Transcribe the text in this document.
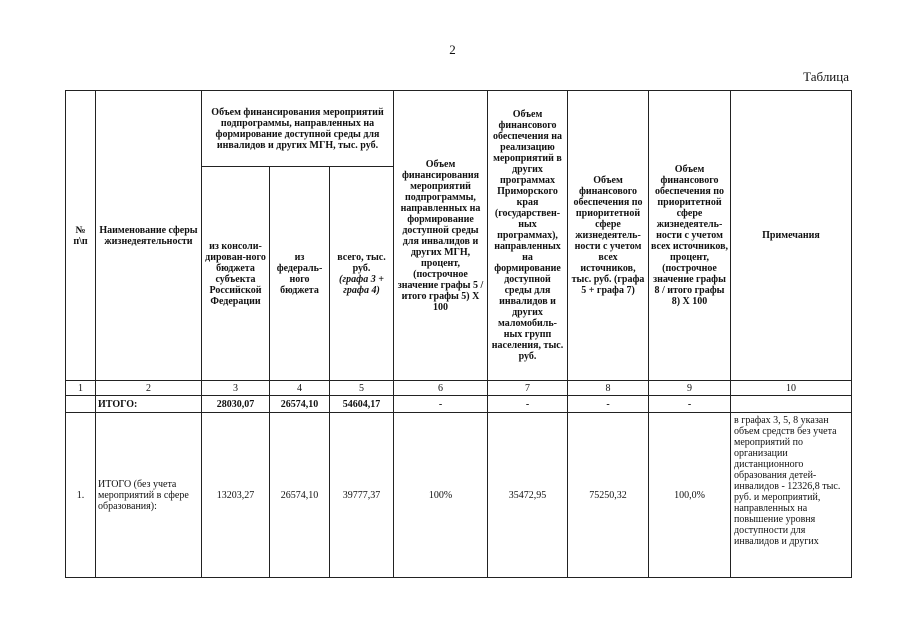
2
Таблица
№ п\п	Наименование сферы жизнедеятельности	Объем финансирования мероприятий подпрограммы, направленных на формирование доступной среды для инвалидов и других МГН, тыс. руб.			Объем финансирования мероприятий подпрограммы, направленных на формирование доступной среды для инвалидов и других МГН, процент, (построчное значение графы 5 / итого графы 5) X 100	Объем финансового обеспечения на реализацию мероприятий в других программах Приморского края (государствен-ных программах), направленных на формирование доступной среды для инвалидов и других маломобиль-ных групп населения, тыс. руб.	Объем финансового обеспечения по приоритетной сфере жизнедеятель-ности с учетом всех источников, тыс. руб. (графа 5 + графа 7)	Объем финансового обеспечения по приоритетной сфере жизнедеятель-ности с учетом всех источников, процент, (построчное значение графы 8 / итого графы 8) X 100	Примечания
		из консоли-дирован-ного бюджета субъекта Российской Федерации	из федераль-ного бюджета	всего, тыс. руб.
(графа 3 + графа 4)					
1	2	3	4	5	6	7	8	9	10
	ИТОГО:	28030,07	26574,10	54604,17	-	-	-	-	
1.	ИТОГО (без учета мероприятий в сфере образования):	13203,27	26574,10	39777,37	100%	35472,95	75250,32	100,0%	в графах 3, 5, 8 указан объем средств без учета мероприятий по организации дистанционного образования детей-инвалидов - 12326,8 тыс. руб. и мероприятий, направленных на повышение уровня доступности для инвалидов и других
